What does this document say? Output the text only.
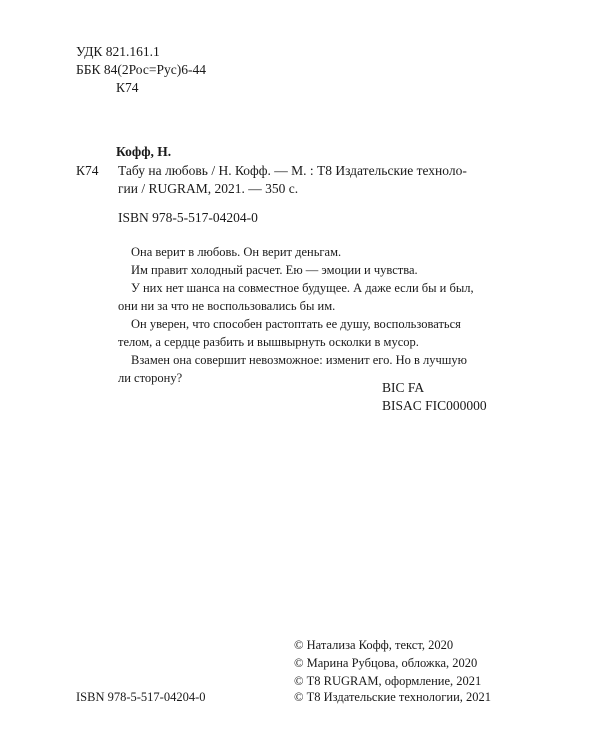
УДК 821.161.1

ББК 84(2Рос=Рус)6-44

К74

Кофф, Н.

К74 Табу на любовь / Н. Кофф. — М. : Т8 Издательские техноло-

гии / RUGRAM, 2021. — 350 с.

ISBN 978-5-517-04204-0

Она верит в любовь. Он верит деньгам.

Им правит холодный расчет. Ею — эмоции и чувства.

У них нет шанса на совместное будущее. А даже если бы и был,

они ни за что не воспользовались бы им.

Он уверен, что способен растоптать ее душу, воспользоваться

телом, а сердце разбить и вышвырнуть осколки в мусор.

Взамен она совершит невозможное: изменит его. Но в лучшую

ли сторону?

BIC FA

BISAC FIC000000

ISBN 978-5-517-04204-0

© Натализа Кофф, текст, 2020

© Марина Рубцова, обложка, 2020

© Т8 RUGRAM, оформление, 2021

© Т8 Издательские технологии, 2021
